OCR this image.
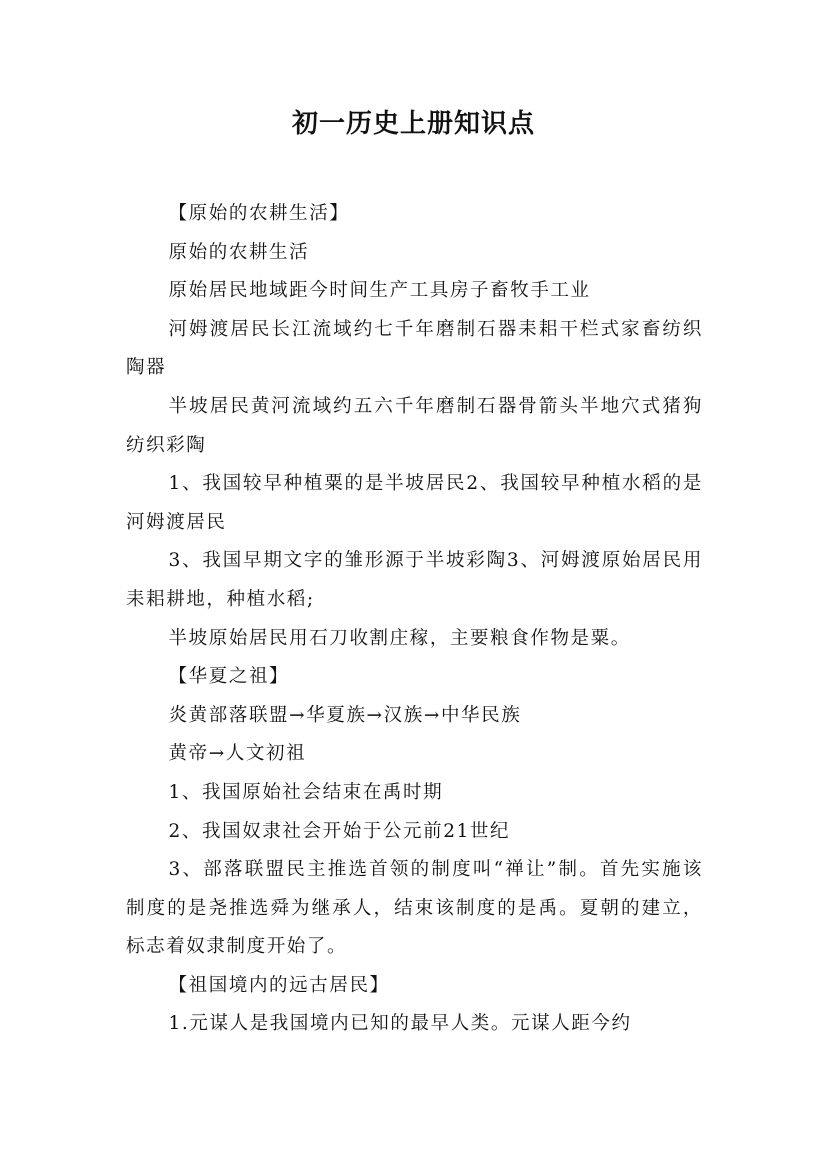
初一历史上册知识点

【原始的农耕生活】

原始的农耕生活

原始居民地域距今时间生产工具房子畜牧手工业

河姆渡居民长江流域约七千年磨制石器耒耜干栏式家畜纺织陶器

半坡居民黄河流域约五六千年磨制石器骨箭头半地穴式猪狗纺织彩陶

1、我国较早种植粟的是半坡居民2、我国较早种植水稻的是河姆渡居民

3、我国早期文字的雏形源于半坡彩陶3、河姆渡原始居民用耒耜耕地，种植水稻;

半坡原始居民用石刀收割庄稼，主要粮食作物是粟。

【华夏之祖】

炎黄部落联盟→华夏族→汉族→中华民族

黄帝→人文初祖

1、我国原始社会结束在禹时期

2、我国奴隶社会开始于公元前21世纪

3、部落联盟民主推选首领的制度叫“禅让”制。首先实施该制度的是尧推选舜为继承人，结束该制度的是禹。夏朝的建立，标志着奴隶制度开始了。

【祖国境内的远古居民】

1.元谋人是我国境内已知的最早人类。元谋人距今约
